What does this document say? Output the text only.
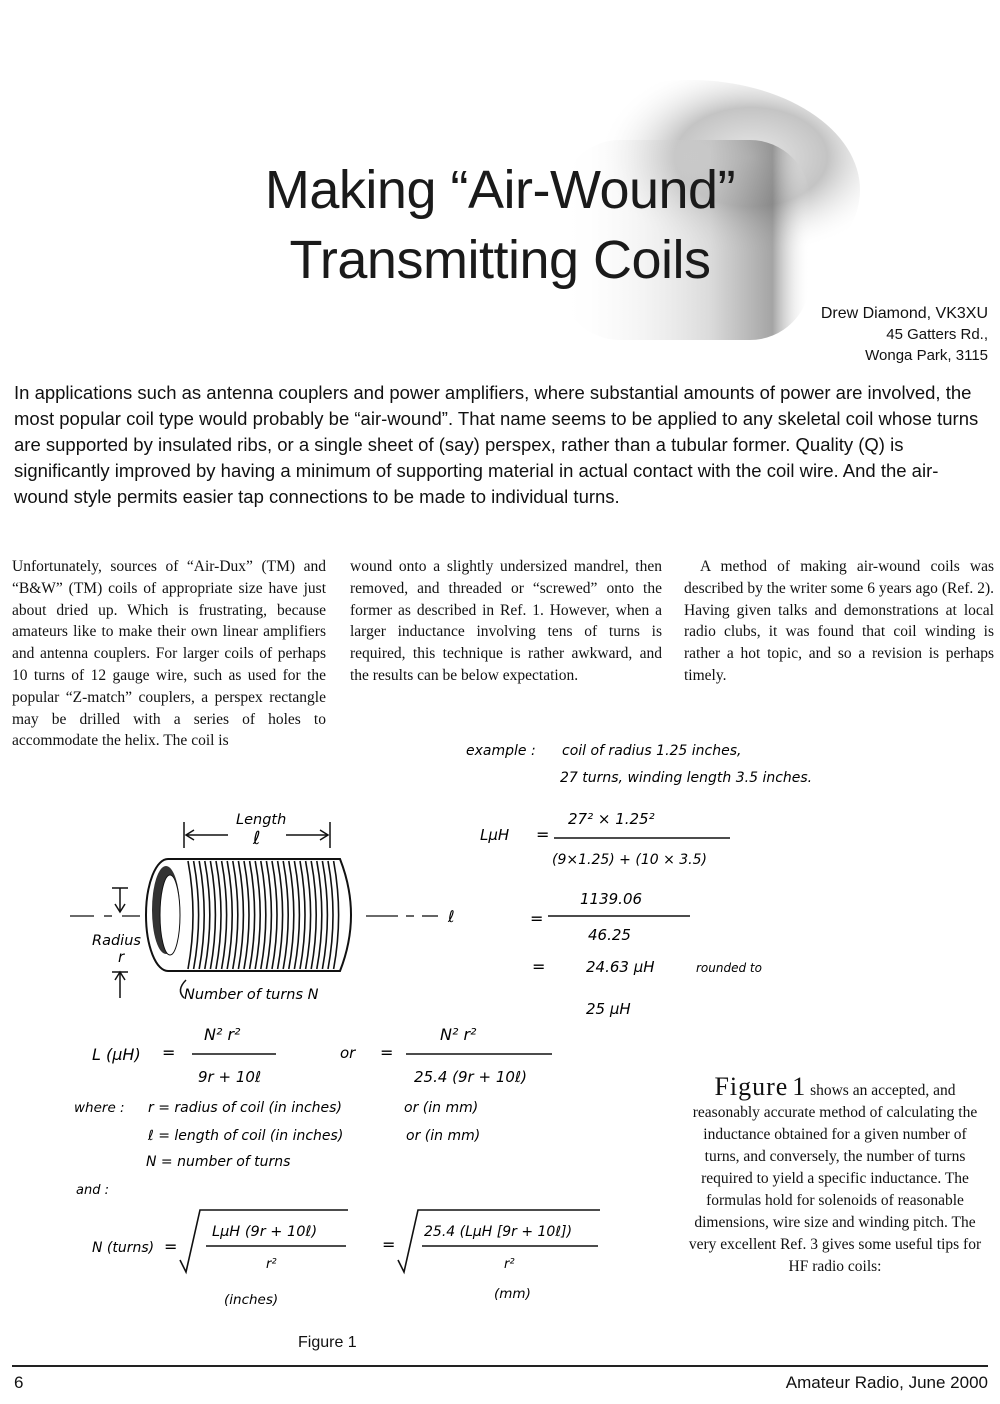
Making “Air-Wound”
Transmitting Coils
Drew Diamond, VK3XU
45 Gatters Rd.,
Wonga Park, 3115

In applications such as antenna couplers and power amplifiers, where substantial amounts of power are involved, the most popular coil type would probably be “air-wound”. That name seems to be applied to any skeletal coil whose turns are supported by insulated ribs, or a single sheet of (say) perspex, rather than a tubular former. Quality (Q) is significantly improved by having a minimum of supporting material in actual contact with the coil wire. And the air-wound style permits easier tap connections to be made to individual turns.

Unfortunately, sources of “Air-Dux” (TM) and “B&W” (TM) coils of appropriate size have just about dried up. Which is frustrating, because amateurs like to make their own linear amplifiers and antenna couplers. For larger coils of perhaps 10 turns of 12 gauge wire, such as used for the popular “Z-match” couplers, a perspex rectangle may be drilled with a series of holes to accommodate the helix. The coil is

wound onto a slightly undersized mandrel, then removed, and threaded or “screwed” onto the former as described in Ref. 1. However, when a larger inductance involving tens of turns is required, this technique is rather awkward, and the results can be below expectation.

A method of making air-wound coils was described by the writer some 6 years ago (Ref. 2). Having given talks and demonstrations at local radio clubs, it was found that coil winding is rather a hot topic, and so a revision is perhaps timely.

Length
ℓ
ℓ
Radius
r
Number of turns N
example : coil of radius 1.25 inches,
27 turns, winding length 3.5 inches.
LμH =
27² × 1.25²
(9×1.25) + (10 × 3.5)
1139.06
=
46.25
=	24.63 μH	rounded to
25 μH
L (μH) =
N² r²
9r + 10ℓ
or =
N² r²
25.4 (9r + 10ℓ)
where : r = radius of coil (in inches)	or (in mm)
ℓ = length of coil (in inches)	or (in mm)
N = number of turns
and :
N (turns) =
LμH (9r + 10ℓ)
r²
=
25.4 (LμH [9r + 10ℓ])
r²
(inches)	(mm)

Figure 1 shows an accepted, and reasonably accurate method of calculating the inductance obtained for a given number of turns, and conversely, the number of turns required to yield a specific inductance. The formulas hold for solenoids of reasonable dimensions, wire size and winding pitch. The very excellent Ref. 3 gives some useful tips for HF radio coils:

Figure 1
6	Amateur Radio, June 2000
